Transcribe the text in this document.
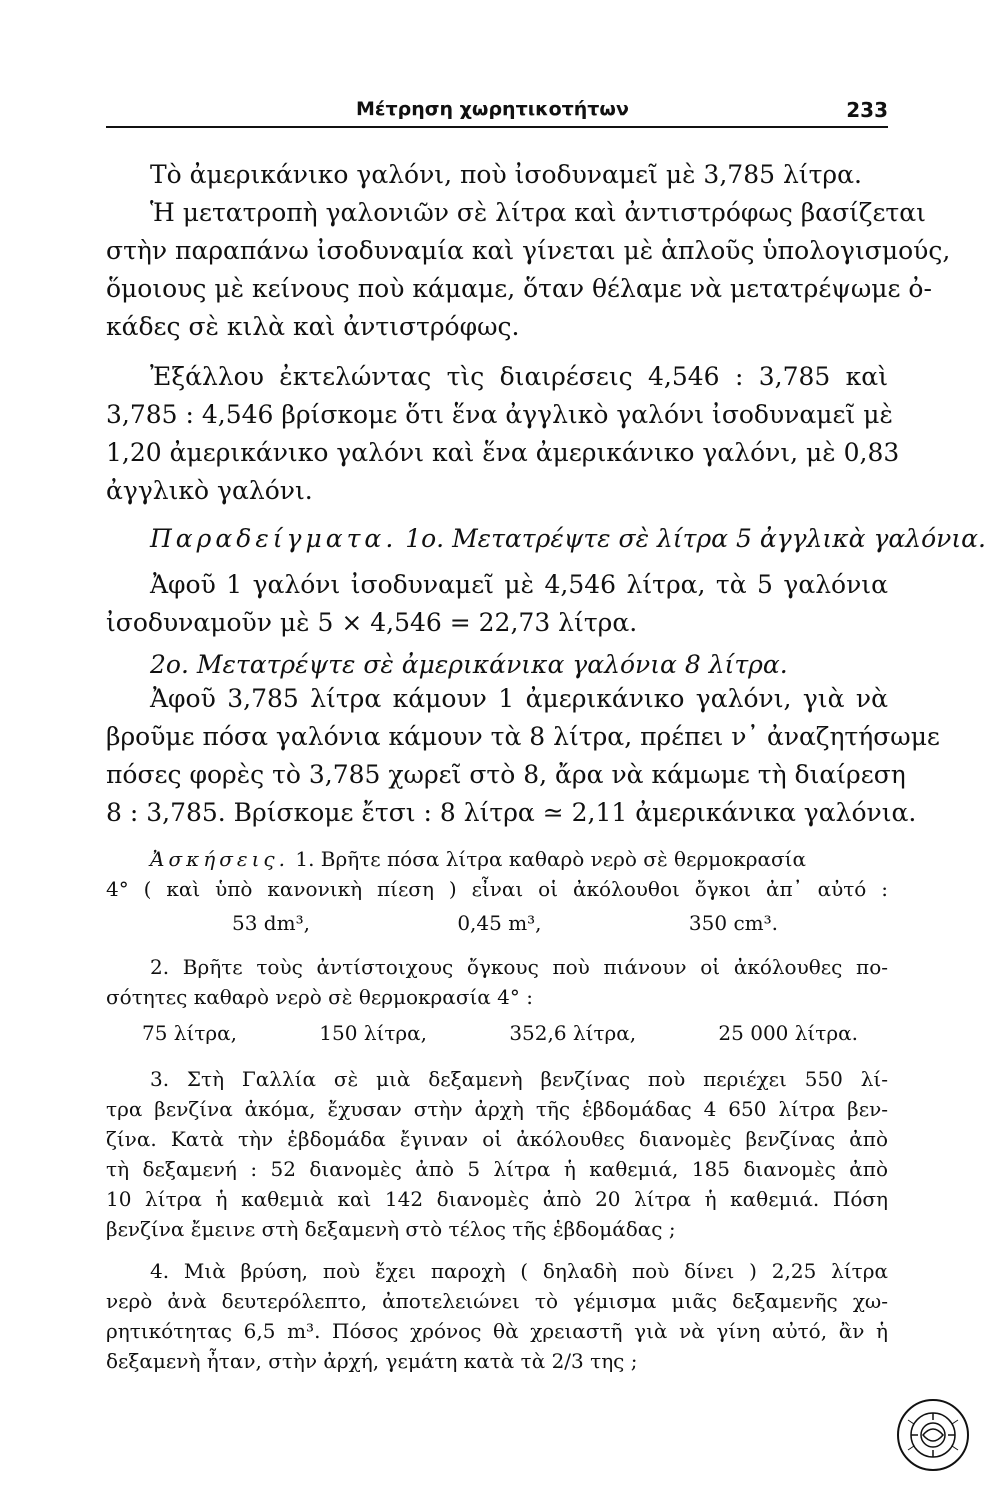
Μέτρηση χωρητικοτήτων	233
Τὸ ἀμερικάνικο γαλόνι, ποὺ ἰσοδυναμεῖ μὲ 3,785 λίτρα.
Ἡ μετατροπὴ γαλονιῶν σὲ λίτρα καὶ ἀντιστρόφως βασίζεται
στὴν παραπάνω ἰσοδυναμία καὶ γίνεται μὲ ἁπλοῦς ὑπολογισμούς,
ὅμοιους μὲ κείνους ποὺ κάμαμε, ὅταν θέλαμε νὰ μετατρέψωμε ὀ-
κάδες σὲ κιλὰ καὶ ἀντιστρόφως.
Ἐξάλλου ἐκτελώντας τὶς διαιρέσεις 4,546 : 3,785 καὶ
3,785 : 4,546 βρίσκομε ὅτι ἕνα ἀγγλικὸ γαλόνι ἰσοδυναμεῖ μὲ
1,20 ἀμερικάνικο γαλόνι καὶ ἕνα ἀμερικάνικο γαλόνι, μὲ 0,83
ἀγγλικὸ γαλόνι.
Παραδείγματα. 1ο. Μετατρέψτε σὲ λίτρα 5 ἀγγλικὰ γαλόνια.
Ἀφοῦ 1 γαλόνι ἰσοδυναμεῖ μὲ 4,546 λίτρα, τὰ 5 γαλόνια
ἰσοδυναμοῦν μὲ 5 × 4,546 = 22,73 λίτρα.
2ο. Μετατρέψτε σὲ ἀμερικάνικα γαλόνια 8 λίτρα.
Ἀφοῦ 3,785 λίτρα κάμουν 1 ἀμερικάνικο γαλόνι, γιὰ νὰ
βροῦμε πόσα γαλόνια κάμουν τὰ 8 λίτρα, πρέπει ν᾽ ἀναζητήσωμε
πόσες φορὲς τὸ 3,785 χωρεῖ στὸ 8, ἄρα νὰ κάμωμε τὴ διαίρεση
8 : 3,785. Βρίσκομε ἔτσι : 8 λίτρα ≃ 2,11 ἀμερικάνικα γαλόνια.
Ἀσκήσεις. 1. Βρῆτε πόσα λίτρα καθαρὸ νερὸ σὲ θερμοκρασία
4° ( καὶ ὑπὸ κανονικὴ πίεση ) εἶναι οἱ ἀκόλουθοι ὄγκοι ἀπ᾽ αὐτό :
53 dm³,	0,45 m³,	350 cm³.
2. Βρῆτε τοὺς ἀντίστοιχους ὄγκους ποὺ πιάνουν οἱ ἀκόλουθες πο-
σότητες καθαρὸ νερὸ σὲ θερμοκρασία 4° :
75 λίτρα,	150 λίτρα,	352,6 λίτρα,	25 000 λίτρα.
3. Στὴ Γαλλία σὲ μιὰ δεξαμενὴ βενζίνας ποὺ περιέχει 550 λί-
τρα βενζίνα ἀκόμα, ἔχυσαν στὴν ἀρχὴ τῆς ἑβδομάδας 4 650 λίτρα βεν-
ζίνα. Κατὰ τὴν ἑβδομάδα ἔγιναν οἱ ἀκόλουθες διανομὲς βενζίνας ἀπὸ
τὴ δεξαμενή : 52 διανομὲς ἀπὸ 5 λίτρα ἡ καθεμιά, 185 διανομὲς ἀπὸ
10 λίτρα ἡ καθεμιὰ καὶ 142 διανομὲς ἀπὸ 20 λίτρα ἡ καθεμιά. Πόση
βενζίνα ἔμεινε στὴ δεξαμενὴ στὸ τέλος τῆς ἑβδομάδας ;
4. Μιὰ βρύση, ποὺ ἔχει παροχὴ ( δηλαδὴ ποὺ δίνει ) 2,25 λίτρα
νερὸ ἀνὰ δευτερόλεπτο, ἀποτελειώνει τὸ γέμισμα μιᾶς δεξαμενῆς χω-
ρητικότητας 6,5 m³. Πόσος χρόνος θὰ χρειαστῆ γιὰ νὰ γίνη αὐτό, ἂν ἡ
δεξαμενὴ ἦταν, στὴν ἀρχή, γεμάτη κατὰ τὰ 2/3 της ;
